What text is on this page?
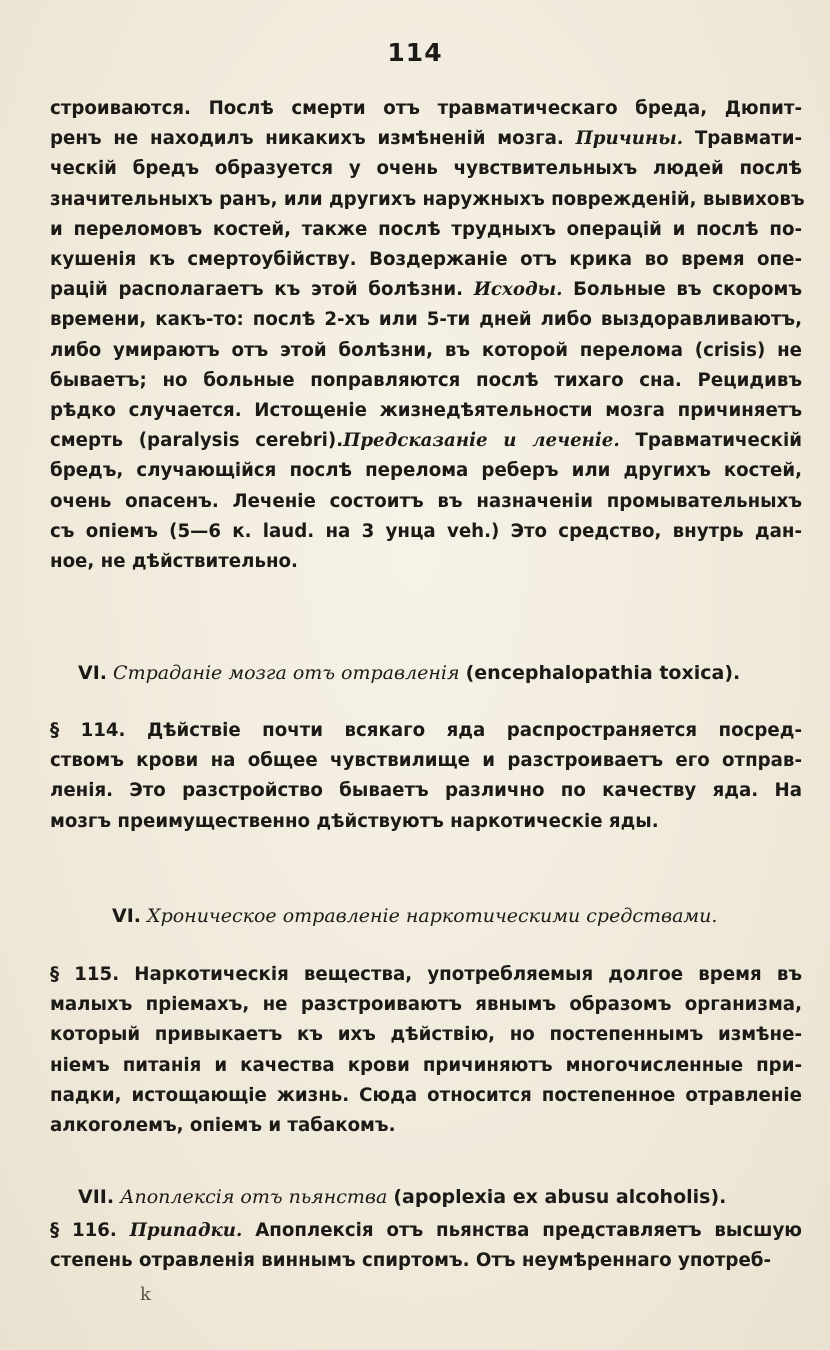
114
строиваются. Послѣ смерти отъ травматическаго бреда, Дюпит-
ренъ не находилъ никакихъ измѣненій мозга. Причины. Травмати-
ческій бредъ образуется у очень чувствительныхъ людей послѣ
значительныхъ ранъ, или другихъ наружныхъ поврежденій, вывиховъ
и переломовъ костей, также послѣ трудныхъ операцій и послѣ по-
кушенія къ смертоубійству. Воздержаніе отъ крика во время опе-
рацій располагаетъ къ этой болѣзни. Исходы. Больные въ скоромъ
времени, какъ-то: послѣ 2-хъ или 5-ти дней либо выздоравливаютъ,
либо умираютъ отъ этой болѣзни, въ которой перелома (crisis) не
бываетъ; но больные поправляются послѣ тихаго сна. Рецидивъ
рѣдко случается. Истощеніе жизнедѣятельности мозга причиняетъ
смерть (paralysis cerebri).Предсказаніе и леченіе. Травматическій
бредъ, случающійся послѣ перелома реберъ или другихъ костей,
очень опасенъ. Леченіе состоитъ въ назначеніи промывательныхъ
съ опіемъ (5—6 к. laud. на 3 унца veh.) Это средство, внутрь дан-
ное, не дѣйствительно.
VI. Страданіе мозга отъ отравленія (encephalopathia toxica).
§ 114. Дѣйствіе почти всякаго яда распространяется посред-
ствомъ крови на общее чувствилище и разстроиваетъ его отправ-
ленія. Это разстройство бываетъ различно по качеству яда. На
мозгъ преимущественно дѣйствуютъ наркотическіе яды.
VI. Хроническое отравленіе наркотическими средствами.
§ 115. Наркотическія вещества, употребляемыя долгое время въ
малыхъ пріемахъ, не разстроиваютъ явнымъ образомъ организма,
который привыкаетъ къ ихъ дѣйствію, но постепеннымъ измѣне-
ніемъ питанія и качества крови причиняютъ многочисленные при-
падки, истощающіе жизнь. Сюда относится постепенное отравленіе
алкоголемъ, опіемъ и табакомъ.
VII. Апоплексія отъ пьянства (apoplexia ex abusu alcoholis).
§ 116. Припадки. Апоплексія отъ пьянства представляетъ высшую
степень отравленія виннымъ спиртомъ. Отъ неумѣреннаго употреб-
k
